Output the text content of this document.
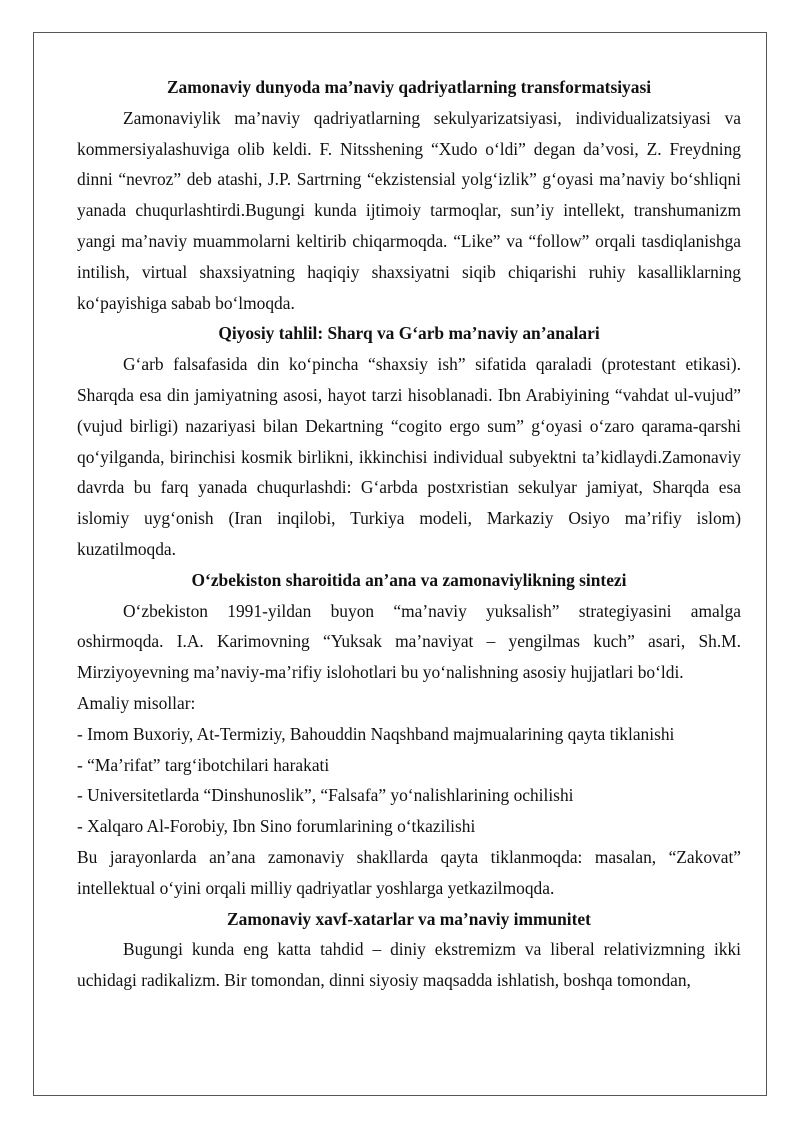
Zamonaviy dunyoda ma’naviy qadriyatlarning transformatsiyasi

Zamonaviylik ma’naviy qadriyatlarning sekulyarizatsiyasi, individualizatsiyasi va kommersiyalashuviga olib keldi. F. Nitsshening “Xudo o‘ldi” degan da’vosi, Z. Freydning dinni “nevroz” deb atashi, J.P. Sartrning “ekzistensial yolg‘izlik” g‘oyasi ma’naviy bo‘shliqni yanada chuqurlashtirdi.Bugungi kunda ijtimoiy tarmoqlar, sun’iy intellekt, transhumanizm yangi ma’naviy muammolarni keltirib chiqarmoqda. “Like” va “follow” orqali tasdiqlanishga intilish, virtual shaxsiyatning haqiqiy shaxsiyatni siqib chiqarishi ruhiy kasalliklarning ko‘payishiga sabab bo‘lmoqda.

Qiyosiy tahlil: Sharq va G‘arb ma’naviy an’analari

G‘arb falsafasida din ko‘pincha “shaxsiy ish” sifatida qaraladi (protestant etikasi). Sharqda esa din jamiyatning asosi, hayot tarzi hisoblanadi. Ibn Arabiyining “vahdat ul-vujud” (vujud birligi) nazariyasi bilan Dekartning “cogito ergo sum” g‘oyasi o‘zaro qarama-qarshi qo‘yilganda, birinchisi kosmik birlikni, ikkinchisi individual subyektni ta’kidlaydi.Zamonaviy davrda bu farq yanada chuqurlashdi: G‘arbda postxristian sekulyar jamiyat, Sharqda esa islomiy uyg‘onish (Iran inqilobi, Turkiya modeli, Markaziy Osiyo ma’rifiy islom) kuzatilmoqda.

O‘zbekiston sharoitida an’ana va zamonaviylikning sintezi

O‘zbekiston 1991-yildan buyon “ma’naviy yuksalish” strategiyasini amalga oshirmoqda. I.A. Karimovning “Yuksak ma’naviyat – yengilmas kuch” asari, Sh.M. Mirziyoyevning ma’naviy-ma’rifiy islohotlari bu yo‘nalishning asosiy hujjatlari bo‘ldi.

Amaliy misollar:
- Imom Buxoriy, At-Termiziy, Bahouddin Naqshband majmualarining qayta tiklanishi
- “Ma’rifat” targ‘ibotchilari harakati
- Universitetlarda “Dinshunoslik”, “Falsafa” yo‘nalishlarining ochilishi
- Xalqaro Al-Forobiy, Ibn Sino forumlarining o‘tkazilishi

Bu jarayonlarda an’ana zamonaviy shakllarda qayta tiklanmoqda: masalan, “Zakovat” intellektual o‘yini orqali milliy qadriyatlar yoshlarga yetkazilmoqda.

Zamonaviy xavf-xatarlar va ma’naviy immunitet

Bugungi kunda eng katta tahdid – diniy ekstremizm va liberal relativizmning ikki uchidagi radikalizm. Bir tomondan, dinni siyosiy maqsadda ishlatish, boshqa tomondan,
